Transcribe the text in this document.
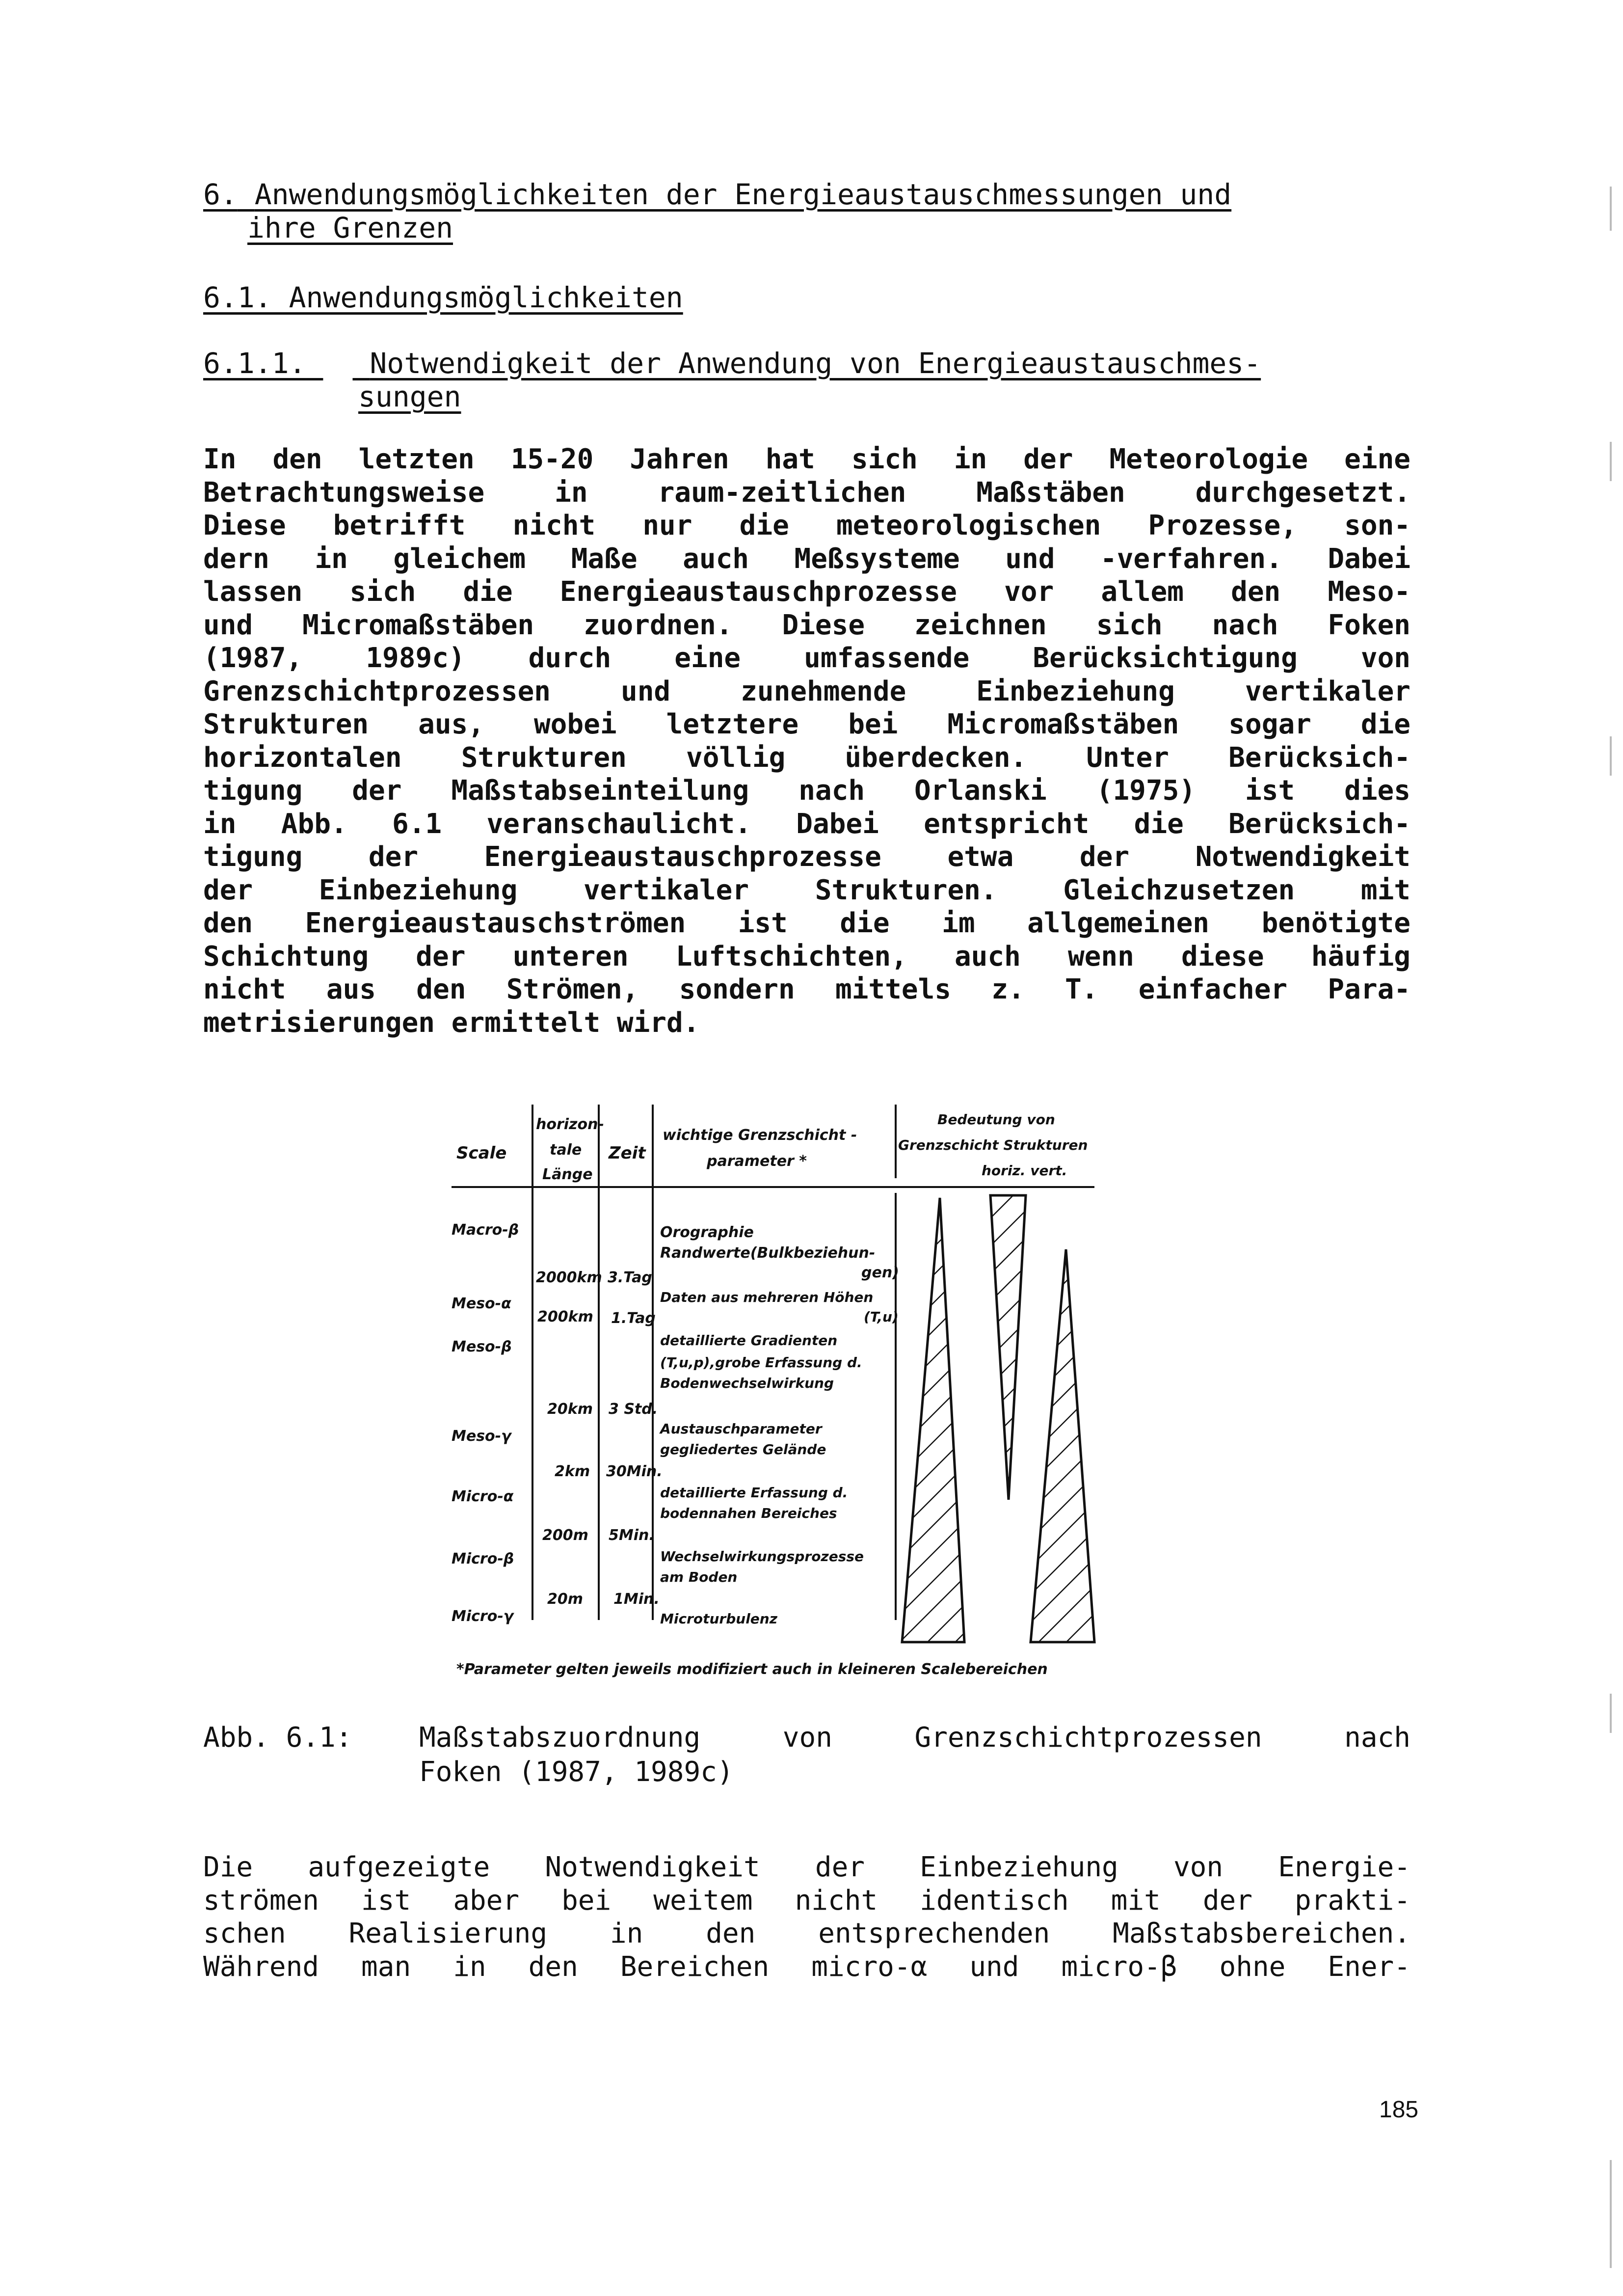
6. Anwendungsmöglichkeiten der Energieaustauschmessungen und
ihre Grenzen
6.1. Anwendungsmöglichkeiten
6.1.1. Notwendigkeit der Anwendung von Energieaustauschmes-
sungen
In den letzten 15-20 Jahren hat sich in der Meteorologie eine
Betrachtungsweise in raum-zeitlichen Maßstäben durchgesetzt.
Diese betrifft nicht nur die meteorologischen Prozesse, son-
dern in gleichem Maße auch Meßsysteme und -verfahren. Dabei
lassen sich die Energieaustauschprozesse vor allem den Meso-
und Micromaßstäben zuordnen. Diese zeichnen sich nach Foken
(1987, 1989c) durch eine umfassende Berücksichtigung von
Grenzschichtprozessen und zunehmende Einbeziehung vertikaler
Strukturen aus, wobei letztere bei Micromaßstäben sogar die
horizontalen Strukturen völlig überdecken. Unter Berücksich-
tigung der Maßstabseinteilung nach Orlanski (1975) ist dies
in Abb. 6.1 veranschaulicht. Dabei entspricht die Berücksich-
tigung der Energieaustauschprozesse etwa der Notwendigkeit
der Einbeziehung vertikaler Strukturen. Gleichzusetzen mit
den Energieaustauschströmen ist die im allgemeinen benötigte
Schichtung der unteren Luftschichten, auch wenn diese häufig
nicht aus den Strömen, sondern mittels z. T. einfacher Para-
metrisierungen ermittelt wird.
Scale
horizon-
tale
Länge
Zeit
wichtige Grenzschicht -
parameter *
Bedeutung von
Grenzschicht Strukturen
horiz. vert.
Macro-β
Meso-α
Meso-β
Meso-γ
Micro-α
Micro-β
Micro-γ
2000km
200km
20km
2km
200m
20m
3.Tag
1.Tag
3 Std.
30Min.
5Min.
1Min.
Orographie
Randwerte(Bulkbeziehun-
gen)
Daten aus mehreren Höhen
(T,u)
detaillierte Gradienten
(T,u,p),grobe Erfassung d.
Bodenwechselwirkung
Austauschparameter
gegliedertes Gelände
detaillierte Erfassung d.
bodennahen Bereiches
Wechselwirkungsprozesse
am Boden
Microturbulenz
*Parameter gelten jeweils modifiziert auch in kleineren Scalebereichen
Abb. 6.1:	Maßstabszuordnung von Grenzschichtprozessen nach
Foken (1987, 1989c)
Die aufgezeigte Notwendigkeit der Einbeziehung von Energie-
strömen ist aber bei weitem nicht identisch mit der prakti-
schen Realisierung in den entsprechenden Maßstabsbereichen.
Während man in den Bereichen micro-α und micro-β ohne Ener-
185
